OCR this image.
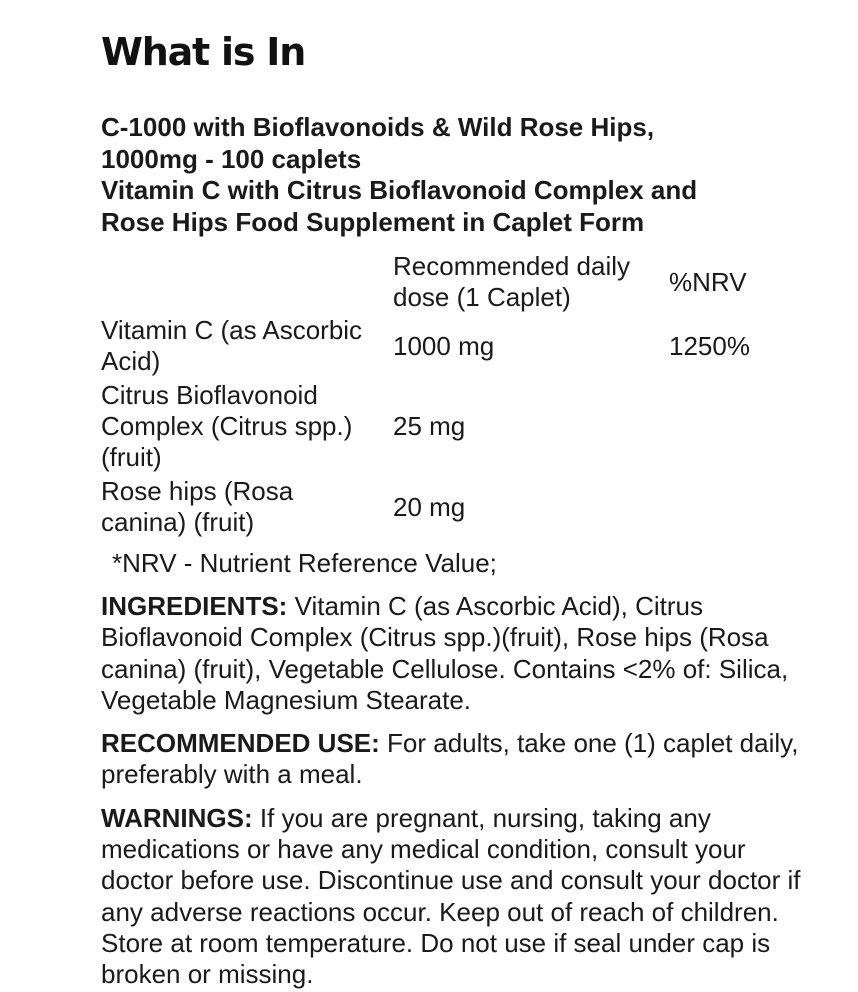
What is In
C-1000 with Bioflavonoids & Wild Rose Hips,
1000mg - 100 caplets
Vitamin C with Citrus Bioflavonoid Complex and
Rose Hips Food Supplement in Caplet Form

	Recommended daily
dose (1 Caplet)	%NRV

Vitamin C (as Ascorbic
Acid)	1000 mg	1250%

Citrus Bioflavonoid
Complex (Citrus spp.)
(fruit)	25 mg	

Rose hips (Rosa
canina) (fruit)	20 mg	
*NRV - Nutrient Reference Value;

INGREDIENTS: Vitamin C (as Ascorbic Acid), Citrus Bioflavonoid Complex (Citrus spp.)(fruit), Rose hips (Rosa canina) (fruit), Vegetable Cellulose. Contains <2% of: Silica, Vegetable Magnesium Stearate.

RECOMMENDED USE: For adults, take one (1) caplet daily, preferably with a meal.

WARNINGS: If you are pregnant, nursing, taking any medications or have any medical condition, consult your doctor before use. Discontinue use and consult your doctor if any adverse reactions occur. Keep out of reach of children. Store at room temperature. Do not use if seal under cap is broken or missing.
